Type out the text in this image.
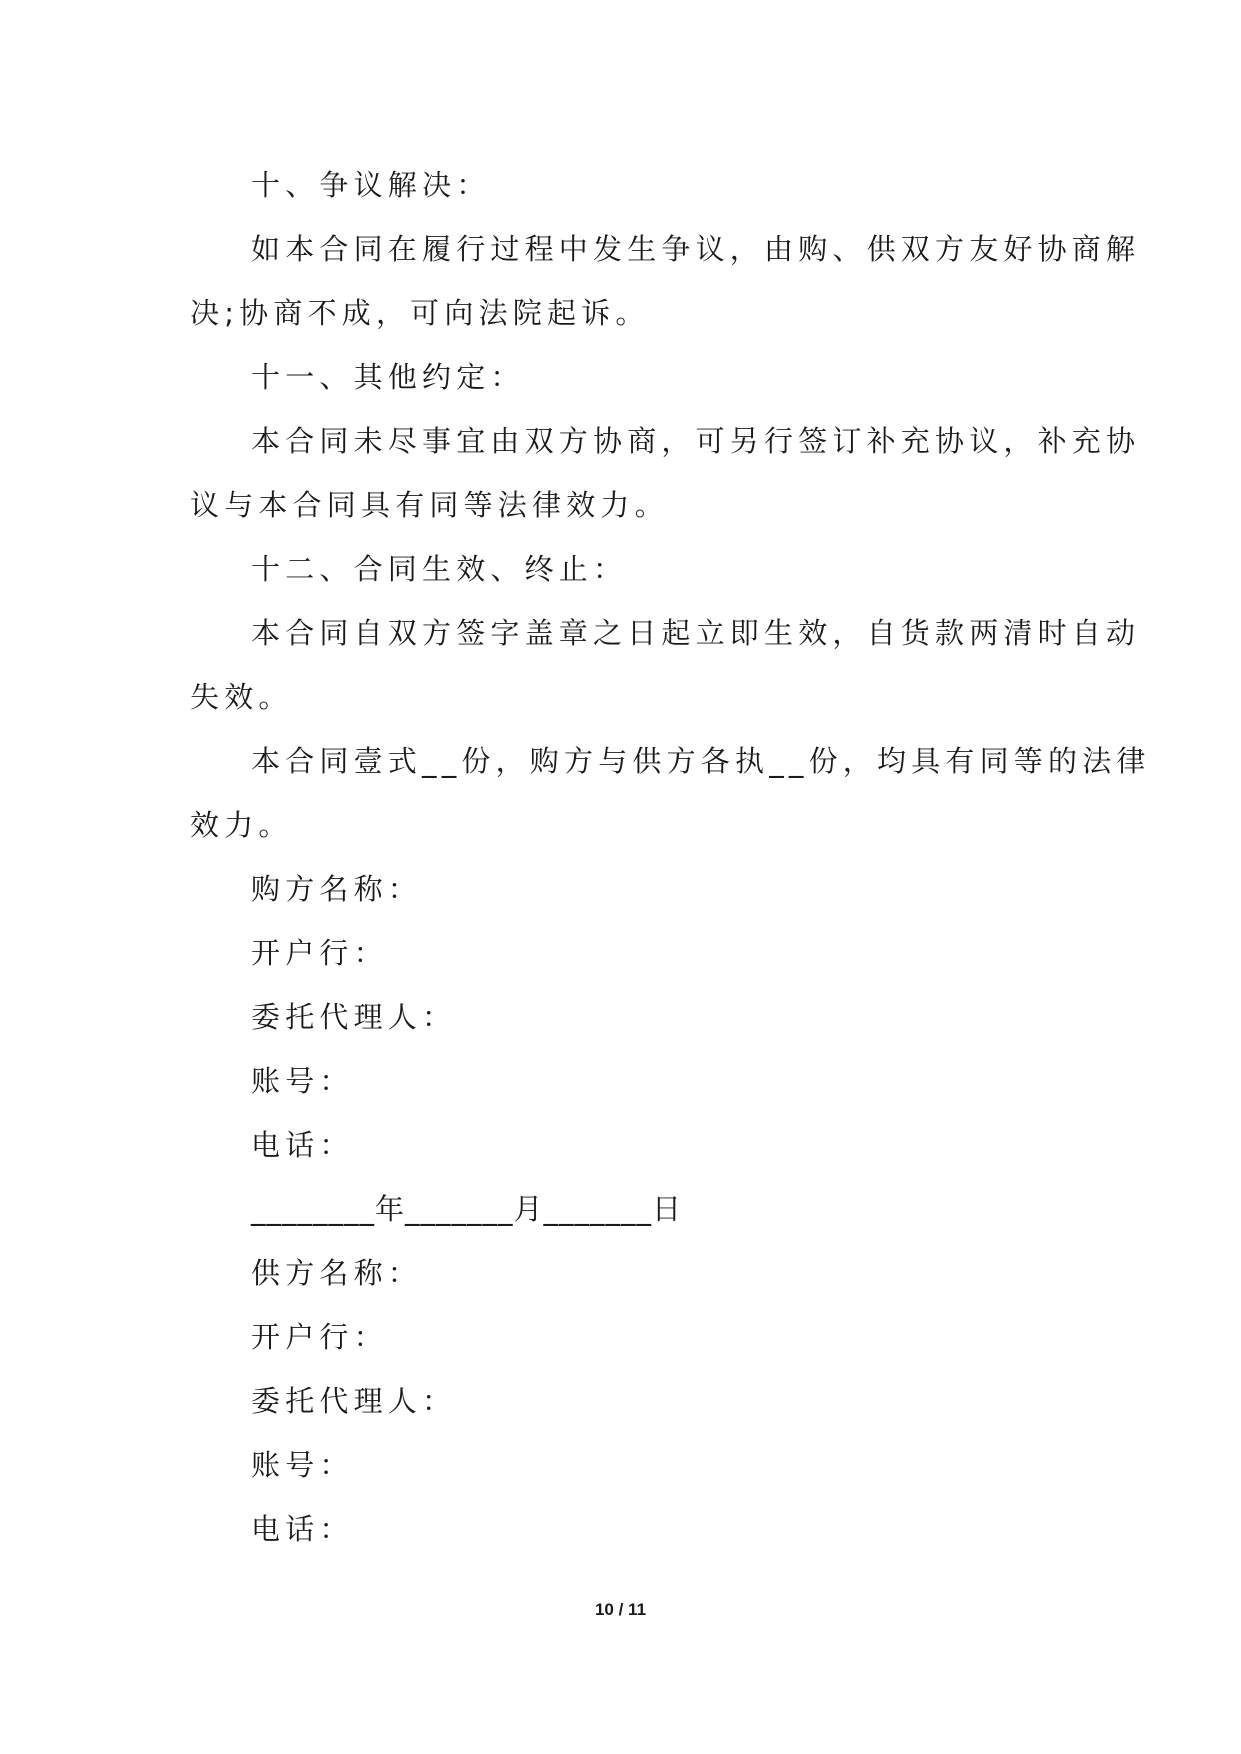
十、争议解决：
如本合同在履行过程中发生争议，由购、供双方友好协商解
决;协商不成，可向法院起诉。
十一、其他约定：
本合同未尽事宜由双方协商，可另行签订补充协议，补充协
议与本合同具有同等法律效力。
十二、合同生效、终止：
本合同自双方签字盖章之日起立即生效，自货款两清时自动
失效。
本合同壹式__份，购方与供方各执__份，均具有同等的法律
效力。
购方名称：
开户行：
委托代理人：
账号：
电话：
________年_______月_______日
供方名称：
开户行：
委托代理人：
账号：
电话：
10 / 11
